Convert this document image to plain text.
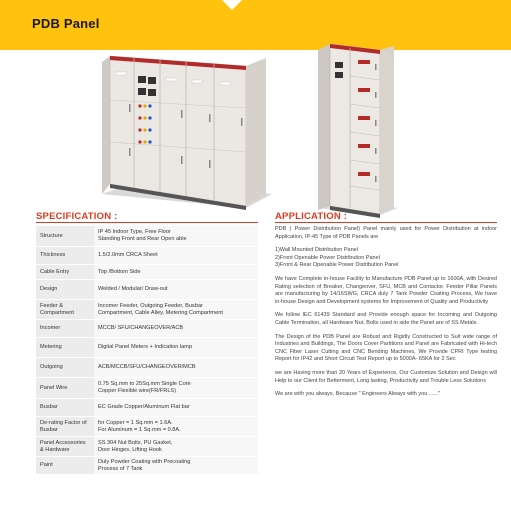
PDB Panel
SPECIFICATION :
Structure	IP 45 Indoor Type, Free Floor
Standing Front and Rear Open able

Thickness	1.5/2.0mm CRCA Sheet

Cable Entry	Top /Bottom Side

Design	Welded / Modular/ Draw-out

Feeder & Compartment	Incomer Feeder, Outgoing Feeder, Busbar
Compartment, Cable Alley, Metering Compartment

Incomer	MCCB/ SFU/CHANGEOVER/ACB

Metering	Digital Panel Meters + Indication lamp

Outgoing	ACB/MCCB/SFU/CHANGEOVER/MCB

Panel Wire	0.75 Sq.mm to 25Sq.mm Single Core
Copper Flexible wire(FR/FRLS)

Busbar	EC Grade Copper/Aluminum Flat bar

De-rating Factor of Busbar	for Copper = 1 Sq.mm = 1.6A.
For Aluminum = 1 Sq.mm = 0.8A.

Panel Accessories & Hardware	SS 304 Nut Bolts, PU Gasket,
Door Hinges, Lifting Hook

Paint	Duly Powder Coating with Precoating
Process of 7 Tank
APPLICATION :

PDB ( Power Distribution Panel) Panel mainly used for Power Distribution at indoor Application, IP-45 Type of PDB Panels are

1)Wall Mounted Distribution Panel
2)Front Openable Power Distribution Panel
3)Front & Rear Openable Power Distribution Panel

We have Complete in-house Facility to Manufacture PDB Panel up to 1600A, with Desired Rating selection of Breaker, Changeover, SFU, MCB and Contactor. Feeder Pillar Panels are manufacturing by 14/16SWG, CRCA duly 7 Tank Powder Coating Process, We have in-house Design and Development systems for Improvement of Quality and Productivity

We follow IEC 61439 Standard and Provide enough space for Incoming and Outgoing Cable Termination, all Hardware Nut, Bolts used in side the Panel are of SS Metals.

The Design of the PDB Panel are Robust and Rigidly Constructed to Suit wide range of Industries and Buildings, The Doors Cover Partitions and Panel are Fabricated with Hi-tech CNC Fiber Laser Cutting and CNC Bending Machines, We Provide CPRI Type testing Report for IP42 and Short Circuit Test Report up to 5000A- 65KA for 2 Sec

we are Having more than 20 Years of Experience, Our Customize Solution and Design will Help to our Client for Betterment, Long lasting, Productivity and Trouble Less Solutions

We are with you always, Because " Engineers Always with you ......"
